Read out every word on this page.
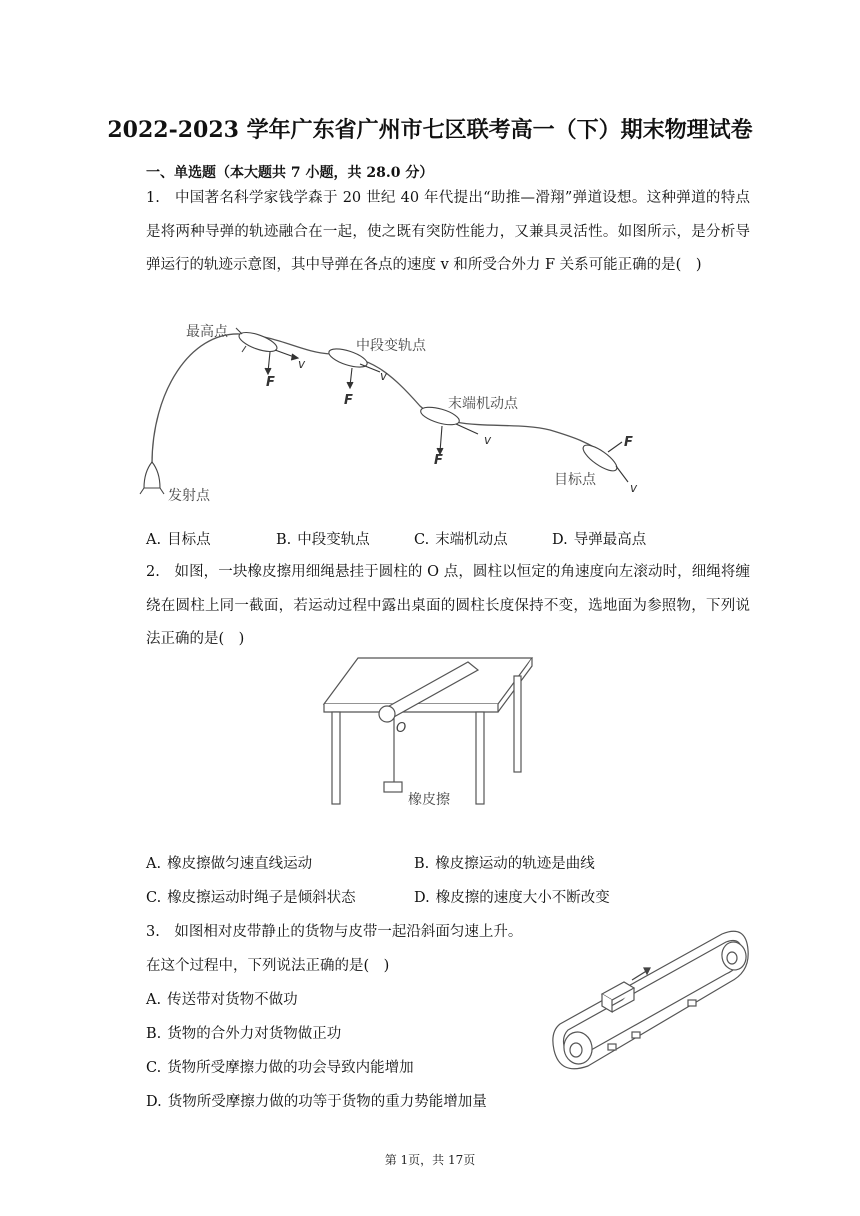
2022-2023 学年广东省广州市七区联考高一（下）期末物理试卷
一、单选题（本大题共 7 小题，共 28.0 分）
1.　中国著名科学家钱学森于 20 世纪 40 年代提出“助推—滑翔”弹道设想。这种弹道的特点是将两种导弹的轨迹融合在一起，使之既有突防性能力，又兼具灵活性。如图所示，是分析导弹运行的轨迹示意图，其中导弹在各点的速度 v 和所受合外力 F 关系可能正确的是(　)
最高点
中段变轨点
末端机动点
目标点
发射点
F
v
F
v
F
v	F
v
A. 目标点	B. 中段变轨点	C. 末端机动点	D. 导弹最高点
2.　如图，一块橡皮擦用细绳悬挂于圆柱的 O 点，圆柱以恒定的角速度向左滚动时，细绳将缠绕在圆柱上同一截面，若运动过程中露出桌面的圆柱长度保持不变，选地面为参照物，下列说法正确的是(　)
O
橡皮擦
A. 橡皮擦做匀速直线运动	B. 橡皮擦运动的轨迹是曲线
C. 橡皮擦运动时绳子是倾斜状态	D. 橡皮擦的速度大小不断改变
3.　如图相对皮带静止的货物与皮带一起沿斜面匀速上升。
在这个过程中，下列说法正确的是(　)
A. 传送带对货物不做功
B. 货物的合外力对货物做正功
C. 货物所受摩擦力做的功会导致内能增加
D. 货物所受摩擦力做的功等于货物的重力势能增加量
第 1页，共 17页
